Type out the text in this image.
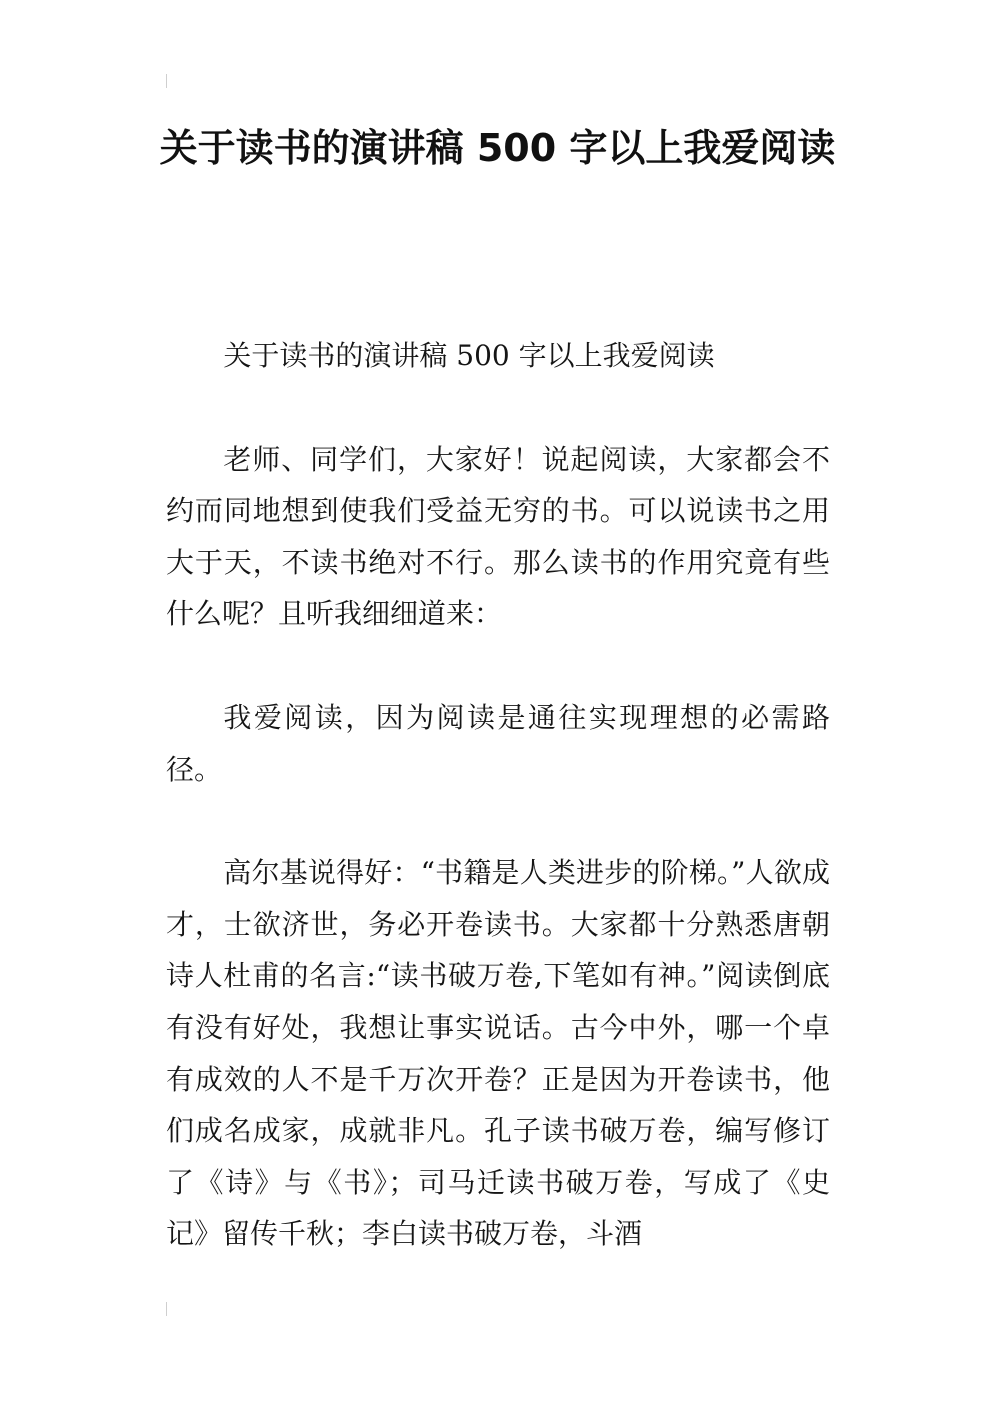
关于读书的演讲稿 500 字以上我爱阅读

关于读书的演讲稿 500 字以上我爱阅读

老师、同学们，大家好！说起阅读，大家都会不约而同地想到使我们受益无穷的书。可以说读书之用大于天，不读书绝对不行。那么读书的作用究竟有些什么呢？且听我细细道来：

我爱阅读，因为阅读是通往实现理想的必需路径。

高尔基说得好：“书籍是人类进步的阶梯。”人欲成才，士欲济世，务必开卷读书。大家都十分熟悉唐朝诗人杜甫的名言:“读书破万卷,下笔如有神。”阅读倒底有没有好处，我想让事实说话。古今中外，哪一个卓有成效的人不是千万次开卷？正是因为开卷读书，他们成名成家，成就非凡。孔子读书破万卷，编写修订了《诗》与《书》；司马迁读书破万卷，写成了《史记》留传千秋；李白读书破万卷，斗酒
